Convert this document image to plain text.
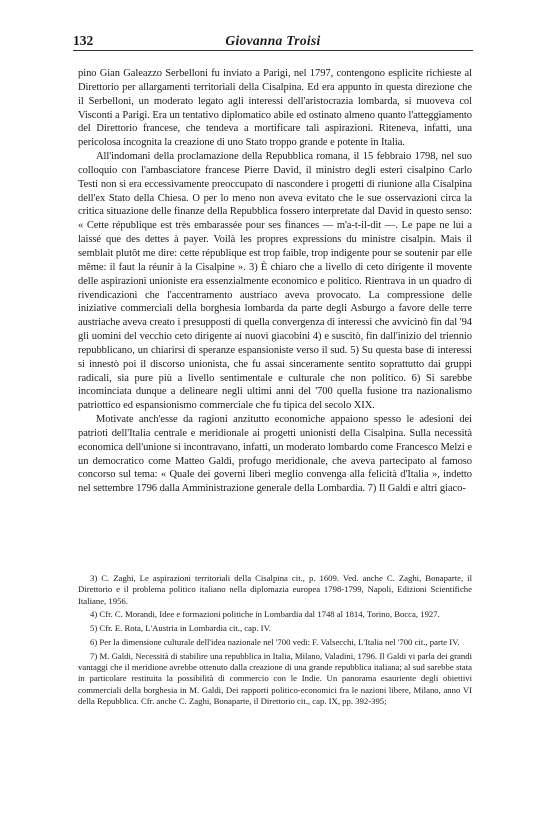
132	Giovanna Troisi

pino Gian Galeazzo Serbelloni fu inviato a Parigi, nel 1797, contengono esplicite richieste al Direttorio per allargamenti territoriali della Cisalpina. Ed era appunto in questa direzione che il Serbelloni, un moderato legato agli interessi dell'aristocrazia lombarda, si muoveva col Visconti a Parigi. Era un tentativo diplomatico abile ed ostinato almeno quanto l'atteggiamento del Direttorio francese, che tendeva a mortificare tali aspirazioni. Riteneva, infatti, una pericolosa incognita la creazione di uno Stato troppo grande e potente in Italia.

All'indomani della proclamazione della Repubblica romana, il 15 febbraio 1798, nel suo colloquio con l'ambasciatore francese Pierre David, il ministro degli esteri cisalpino Carlo Testi non si era eccessivamente preoccupato di nascondere i progetti di riunione alla Cisalpina dell'ex Stato della Chiesa. O per lo meno non aveva evitato che le sue osservazioni circa la critica situazione delle finanze della Repubblica fossero interpretate dal David in questo senso: « Cette république est très embarassée pour ses finances — m'a-t-il-dit —. Le pape ne lui a laissé que des dettes à payer. Voilà les propres expressions du ministre cisalpin. Mais il semblait plutôt me dire: cette république est trop faible, trop indigente pour se soutenir par elle même: il faut la réunir à la Cisalpine ». 3) È chiaro che a livello di ceto dirigente il movente delle aspirazioni unioniste era essenzialmente economico e politico. Rientrava in un quadro di rivendicazioni che l'accentramento austriaco aveva provocato. La compressione delle iniziative commerciali della borghesia lombarda da parte degli Asburgo a favore delle terre austriache aveva creato i presupposti di quella convergenza di interessi che avvicinò fin dal '94 gli uomini del vecchio ceto dirigente ai nuovi giacobini 4) e suscitò, fin dall'inizio del triennio repubblicano, un chiarirsi di speranze espansioniste verso il sud. 5) Su questa base di interessi si innestò poi il discorso unionista, che fu assai sinceramente sentito soprattutto dai gruppi radicali, sia pure più a livello sentimentale e culturale che non politico. 6) Si sarebbe incominciata dunque a delineare negli ultimi anni del '700 quella fusione tra nazionalismo patriottico ed espansionismo commerciale che fu tipica del secolo XIX.

Motivate anch'esse da ragioni anzitutto economiche appaiono spesso le adesioni dei patrioti dell'Italia centrale e meridionale ai progetti unionisti della Cisalpina. Sulla necessità economica dell'unione si incontravano, infatti, un moderato lombardo come Francesco Melzi e un democratico come Matteo Galdi, profugo meridionale, che aveva partecipato al famoso concorso sul tema: « Quale dei governi liberi meglio convenga alla felicità d'Italia », indetto nel settembre 1796 dalla Amministrazione generale della Lombardia. 7) Il Galdi e altri giaco-

3) C. Zaghi, Le aspirazioni territoriali della Cisalpina cit., p. 1609. Ved. anche C. Zaghi, Bonaparte, il Direttorio e il problema politico italiano nella diplomazia europea 1798-1799, Napoli, Edizioni Scientifiche Italiane, 1956.

4) Cfr. C. Morandi, Idee e formazioni politiche in Lombardia dal 1748 al 1814, Torino, Bocca, 1927.

5) Cfr. E. Rota, L'Austria in Lombardia cit., cap. IV.

6) Per la dimensione culturale dell'idea nazionale nel '700 vedi: F. Valsecchi, L'Italia nel '700 cit., parte IV.

7) M. Galdi, Necessità di stabilire una repubblica in Italia, Milano, Valadini, 1796. Il Galdi vi parla dei grandi vantaggi che il meridione avrebbe ottenuto dalla creazione di una grande repubblica italiana; al sud sarebbe stata in particolare restituita la possibilità di commercio con le Indie. Un panorama esauriente degli obiettivi commerciali della borghesia in M. Galdi, Dei rapporti politico-economici fra le nazioni libere, Milano, anno VI della Repubblica. Cfr. anche C. Zaghi, Bonaparte, il Direttorio cit., cap. IX, pp. 392-395;
